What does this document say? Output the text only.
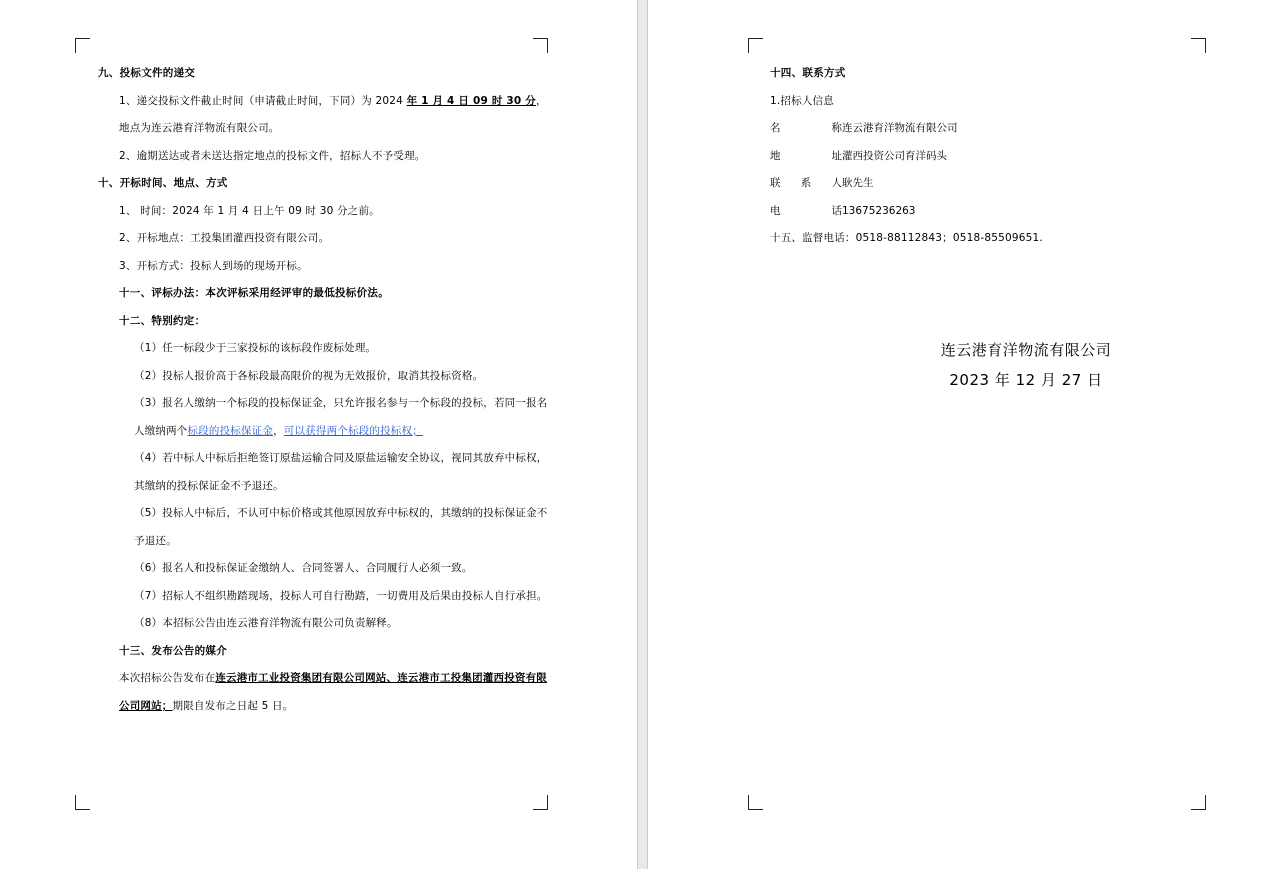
九、投标文件的递交
1、递交投标文件截止时间（申请截止时间，下同）为 2024 年 1 月 4 日 09 时 30 分，地点为连云港育洋物流有限公司。
2、逾期送达或者未送达指定地点的投标文件，招标人不予受理。
十、开标时间、地点、方式
1、 时间：2024 年 1 月 4 日上午 09 时 30 分之前。
2、开标地点：工投集团灌西投资有限公司。
3、开标方式：投标人到场的现场开标。
十一、评标办法：本次评标采用经评审的最低投标价法。
十二、特别约定：
（1）任一标段少于三家投标的该标段作废标处理。
（2）投标人报价高于各标段最高限价的视为无效报价，取消其投标资格。
（3）报名人缴纳一个标段的投标保证金，只允许报名参与一个标段的投标，若同一报名人缴纳两个标段的投标保证金，可以获得两个标段的投标权；
（4）若中标人中标后拒绝签订原盐运输合同及原盐运输安全协议，视同其放弃中标权，其缴纳的投标保证金不予退还。
（5）投标人中标后，不认可中标价格或其他原因放弃中标权的，其缴纳的投标保证金不予退还。
（6）报名人和投标保证金缴纳人、合同签署人、合同履行人必须一致。
（7）招标人不组织勘踏现场，投标人可自行勘踏，一切费用及后果由投标人自行承担。
（8）本招标公告由连云港育洋物流有限公司负责解释。
十三、发布公告的媒介
本次招标公告发布在连云港市工业投资集团有限公司网站、连云港市工投集团灌西投资有限公司网站；期限自发布之日起 5 日。
十四、联系方式
1.招标人信息
名	称 连云港育洋物流有限公司
地	址 灌西投资公司育洋码头
联 系 人 耿先生
电	话 13675236263
十五、监督电话：0518-88112843；0518-85509651.
连云港育洋物流有限公司
2023 年 12 月 27 日
